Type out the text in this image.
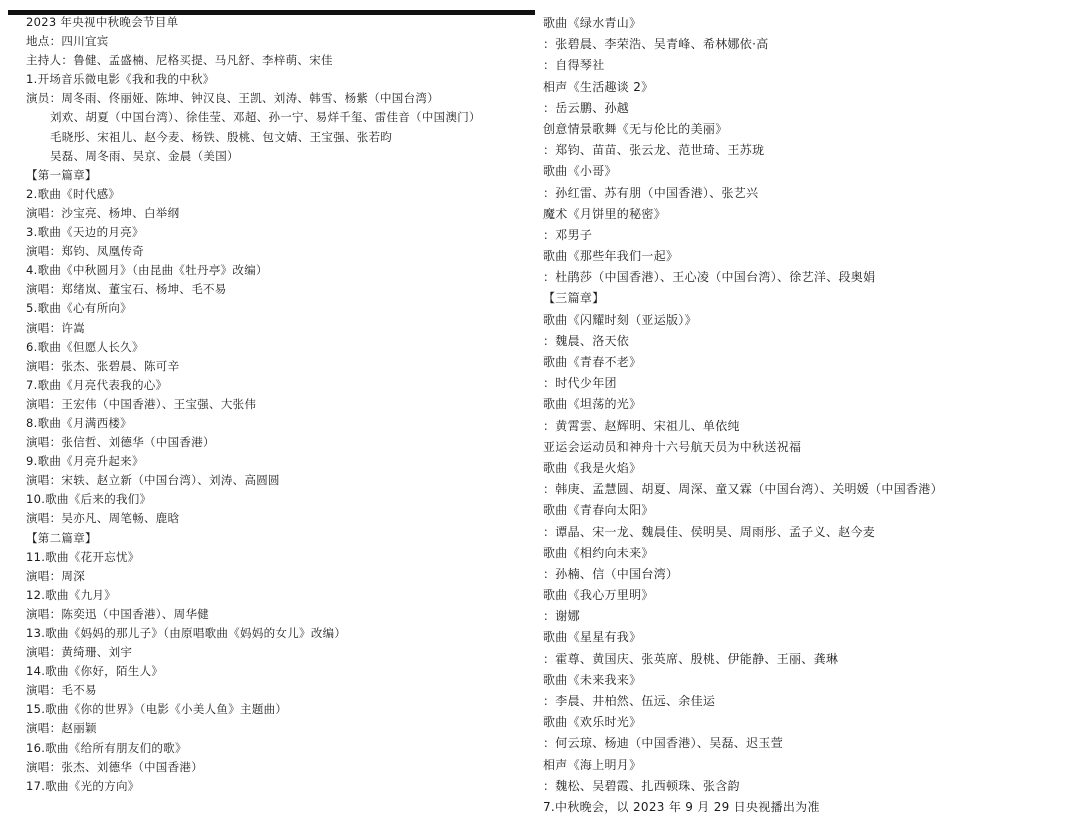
2023 年央视中秋晚会节目单
地点：四川宜宾
主持人：鲁健、孟盛楠、尼格买提、马凡舒、李梓萌、宋佳
1.开场音乐微电影《我和我的中秋》
演员：周冬雨、佟丽娅、陈坤、钟汉良、王凯、刘涛、韩雪、杨紫（中国台湾）
刘欢、胡夏（中国台湾）、徐佳莹、邓超、孙一宁、易烊千玺、雷佳音（中国澳门）
毛晓彤、宋祖儿、赵今麦、杨铁、殷桃、包文婧、王宝强、张若昀
吴磊、周冬雨、吴京、金晨（美国）
【第一篇章】
2.歌曲《时代感》
演唱：沙宝亮、杨坤、白举纲
3.歌曲《天边的月亮》
演唱：郑钧、凤凰传奇
4.歌曲《中秋圆月》（由昆曲《牡丹亭》改编）
演唱：郑绪岚、董宝石、杨坤、毛不易
5.歌曲《心有所向》
演唱：许嵩
6.歌曲《但愿人长久》
演唱：张杰、张碧晨、陈可辛
7.歌曲《月亮代表我的心》
演唱：王宏伟（中国香港）、王宝强、大张伟
8.歌曲《月满西楼》
演唱：张信哲、刘德华（中国香港）
9.歌曲《月亮升起来》
演唱：宋轶、赵立新（中国台湾）、刘涛、高圆圆
10.歌曲《后来的我们》
演唱：吴亦凡、周笔畅、鹿晗
【第二篇章】
11.歌曲《花开忘忧》
演唱：周深
12.歌曲《九月》
演唱：陈奕迅（中国香港）、周华健
13.歌曲《妈妈的那儿子》（由原唱歌曲《妈妈的女儿》改编）
演唱：黄绮珊、刘宇
14.歌曲《你好，陌生人》
演唱：毛不易
15.歌曲《你的世界》（电影《小美人鱼》主题曲）
演唱：赵丽颖
16.歌曲《给所有朋友们的歌》
演唱：张杰、刘德华（中国香港）
17.歌曲《光的方向》
歌曲《绿水青山》
：张碧晨、李荣浩、吴青峰、希林娜依·高
：自得琴社
相声《生活趣谈 2》
：岳云鹏、孙越
创意情景歌舞《无与伦比的美丽》
：郑钧、苗苗、张云龙、范世琦、王苏珑
歌曲《小哥》
：孙红雷、苏有朋（中国香港）、张艺兴
魔术《月饼里的秘密》
：邓男子
歌曲《那些年我们一起》
：杜鹃莎（中国香港）、王心凌（中国台湾）、徐艺洋、段奥娟
【三篇章】
歌曲《闪耀时刻（亚运版）》
：魏晨、洛天依
歌曲《青春不老》
：时代少年团
歌曲《坦荡的光》
：黄霄雲、赵辉明、宋祖儿、单依纯
亚运会运动员和神舟十六号航天员为中秋送祝福
歌曲《我是火焰》
：韩庚、孟慧圆、胡夏、周深、童又霖（中国台湾）、关明媛（中国香港）
歌曲《青春向太阳》
：谭晶、宋一龙、魏晨佳、侯明昊、周雨彤、孟子义、赵今麦
歌曲《相约向未来》
：孙楠、信（中国台湾）
歌曲《我心万里明》
：谢娜
歌曲《星星有我》
：霍尊、黄国庆、张英席、殷桃、伊能静、王丽、龚琳
歌曲《未来我来》
：李晨、井柏然、伍远、余佳运
歌曲《欢乐时光》
：何云琼、杨迪（中国香港）、吴磊、迟玉萱
相声《海上明月》
：魏松、吴碧霞、扎西顿珠、张含韵
7.中秋晚会，以 2023 年 9 月 29 日央视播出为准
